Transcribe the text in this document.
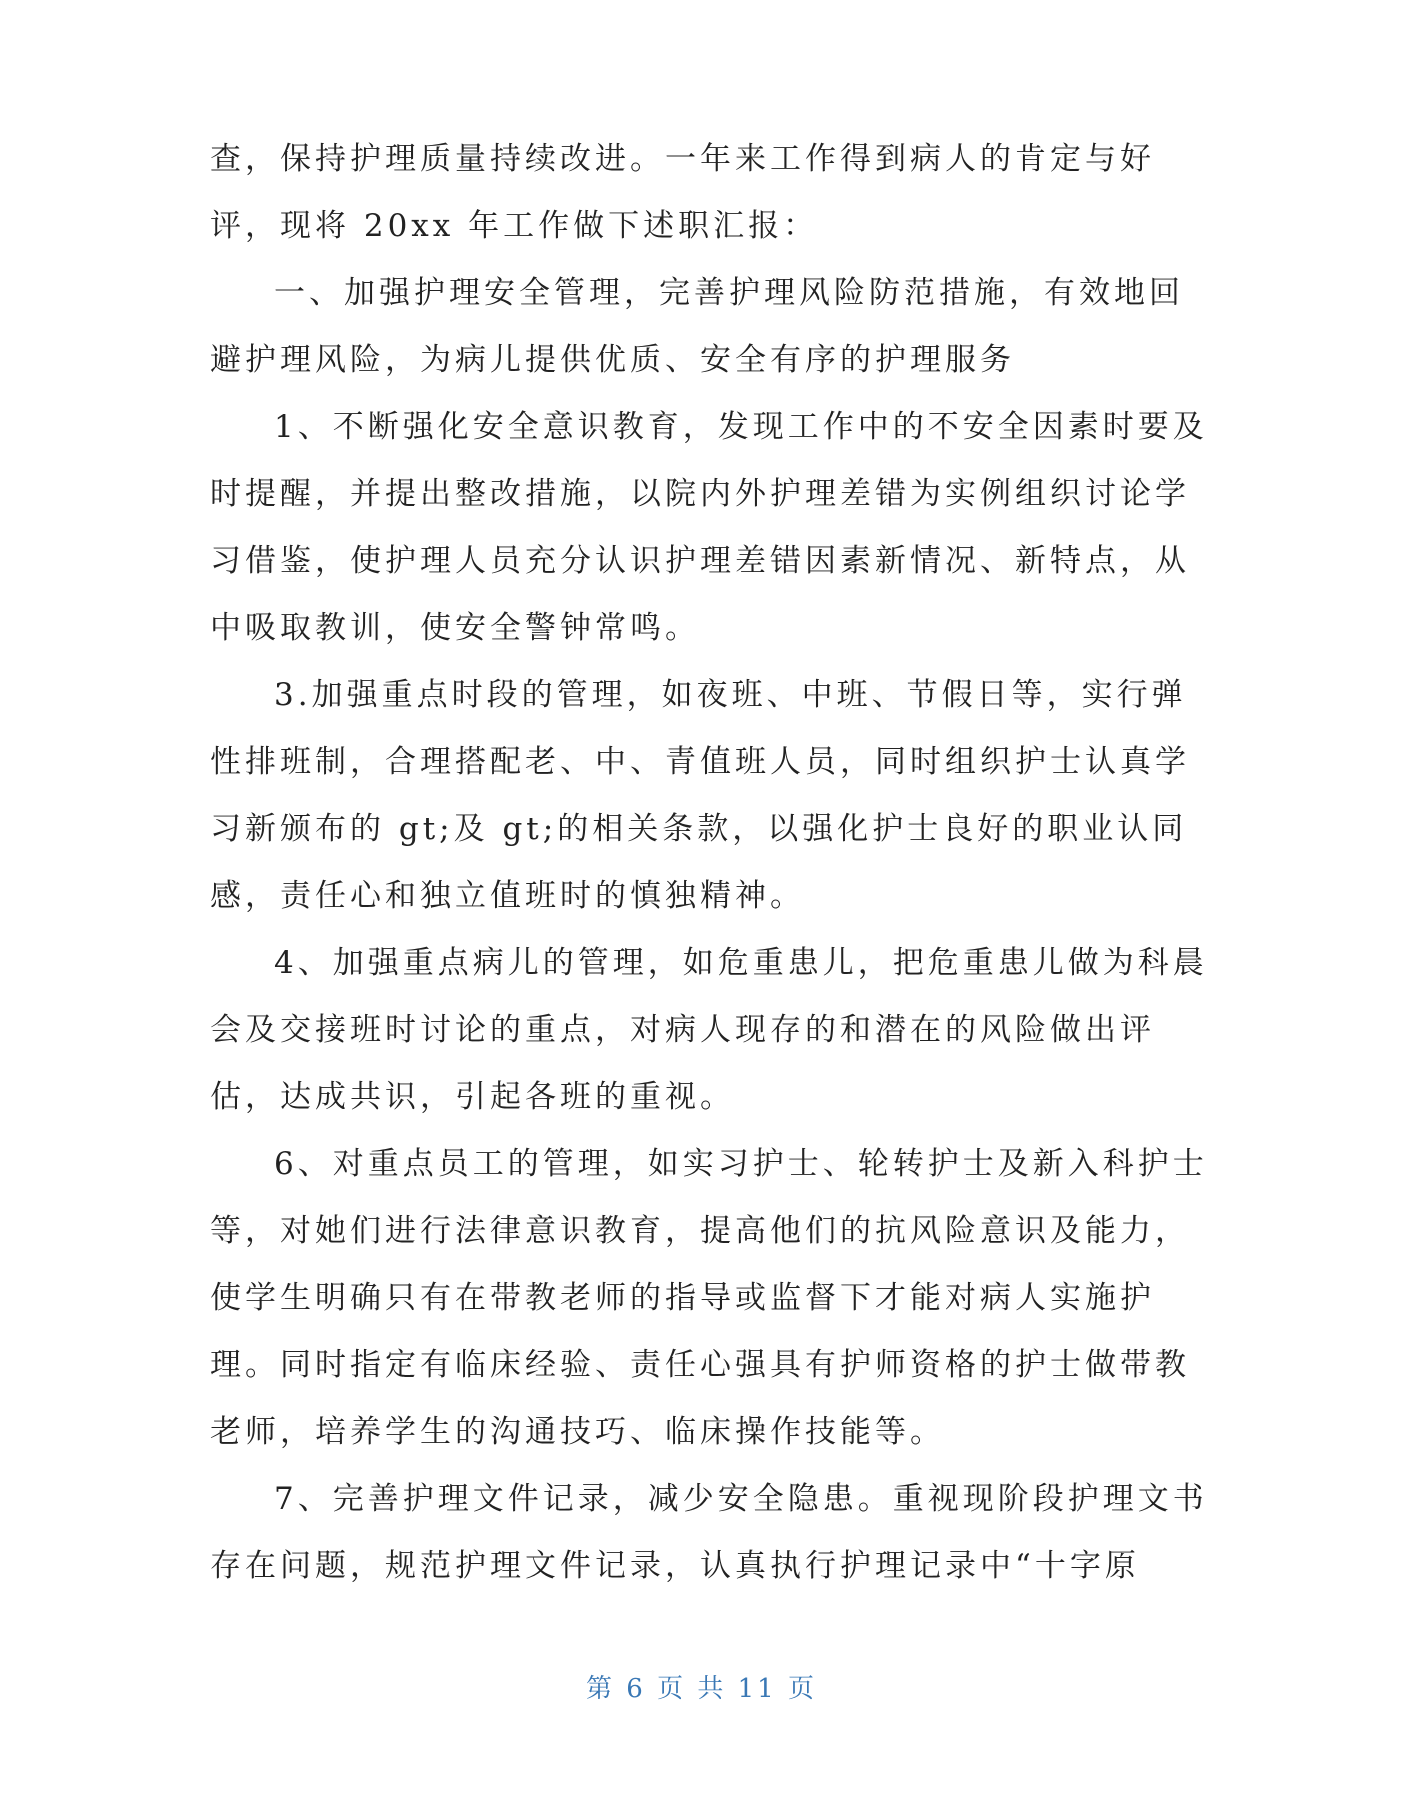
查，保持护理质量持续改进。一年来工作得到病人的肯定与好
评，现将 20xx 年工作做下述职汇报：
一、加强护理安全管理，完善护理风险防范措施，有效地回
避护理风险，为病儿提供优质、安全有序的护理服务
1、不断强化安全意识教育，发现工作中的不安全因素时要及
时提醒，并提出整改措施，以院内外护理差错为实例组织讨论学
习借鉴，使护理人员充分认识护理差错因素新情况、新特点，从
中吸取教训，使安全警钟常鸣。
3.加强重点时段的管理，如夜班、中班、节假日等，实行弹
性排班制，合理搭配老、中、青值班人员，同时组织护士认真学
习新颁布的 gt;及 gt;的相关条款，以强化护士良好的职业认同
感，责任心和独立值班时的慎独精神。
4、加强重点病儿的管理，如危重患儿，把危重患儿做为科晨
会及交接班时讨论的重点，对病人现存的和潜在的风险做出评
估，达成共识，引起各班的重视。
6、对重点员工的管理，如实习护士、轮转护士及新入科护士
等，对她们进行法律意识教育，提高他们的抗风险意识及能力，
使学生明确只有在带教老师的指导或监督下才能对病人实施护
理。同时指定有临床经验、责任心强具有护师资格的护士做带教
老师，培养学生的沟通技巧、临床操作技能等。
7、完善护理文件记录，减少安全隐患。重视现阶段护理文书
存在问题，规范护理文件记录，认真执行护理记录中“十字原
第 6 页 共 11 页
